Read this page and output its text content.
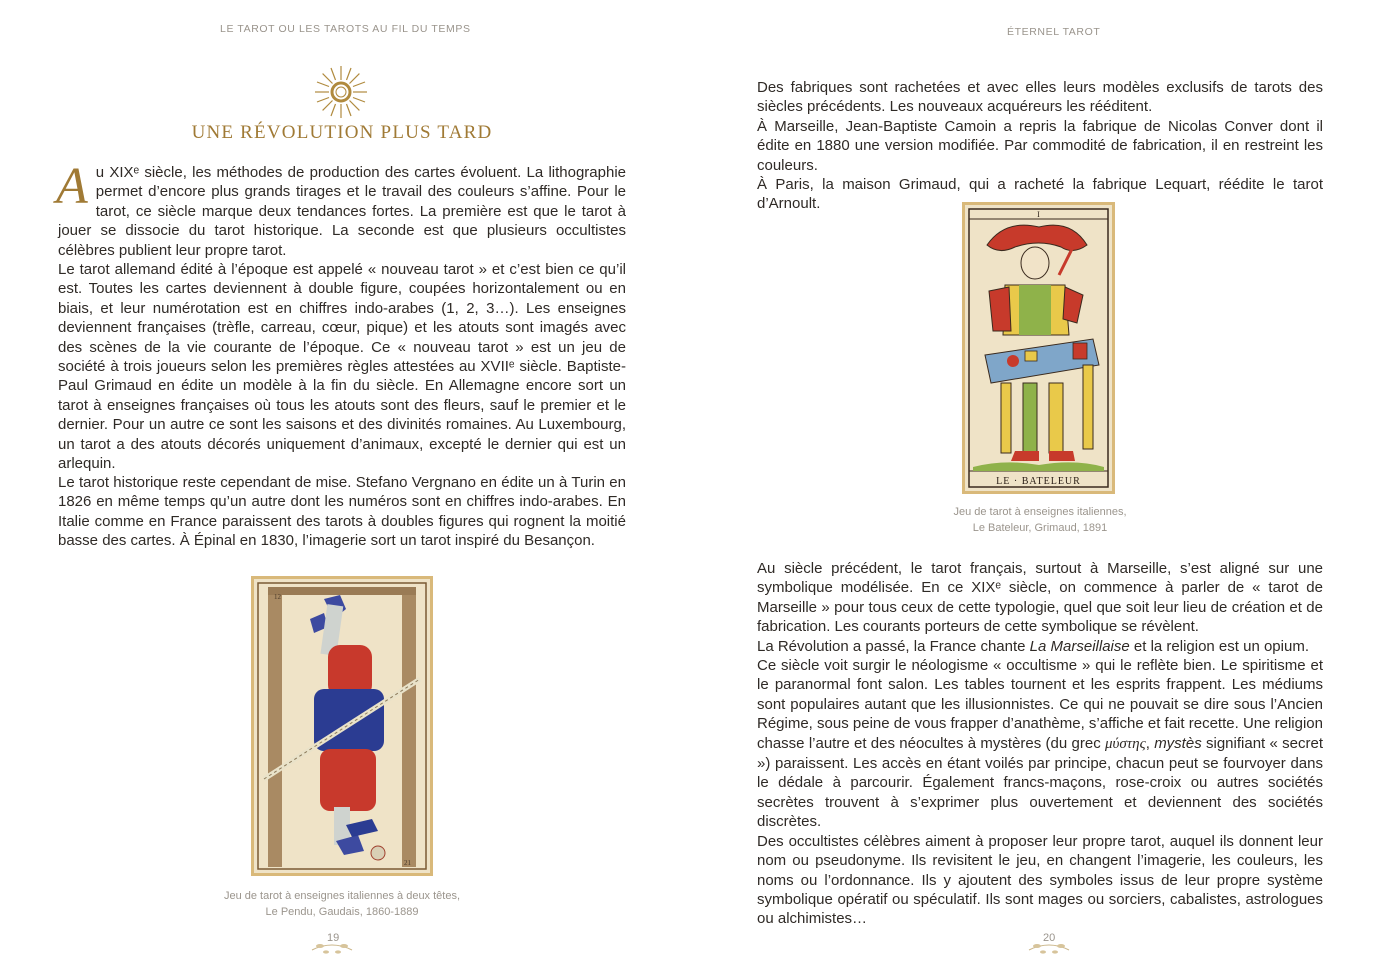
LE TAROT OU LES TAROTS AU FIL DU TEMPS
UNE RÉVOLUTION PLUS TARD
A u XIXᵉ siècle, les méthodes de production des cartes évoluent. La lithographie permet d’encore plus grands tirages et le travail des couleurs s’affine. Pour le tarot, ce siècle marque deux tendances fortes. La première est que le tarot à jouer se dissocie du tarot historique. La seconde est que plusieurs occultistes célèbres publient leur propre tarot.
Le tarot allemand édité à l’époque est appelé « nouveau tarot » et c’est bien ce qu’il est. Toutes les cartes deviennent à double figure, coupées horizontalement ou en biais, et leur numérotation est en chiffres indo-arabes (1, 2, 3…). Les enseignes deviennent françaises (trèfle, carreau, cœur, pique) et les atouts sont imagés avec des scènes de la vie courante de l’époque. Ce « nouveau tarot » est un jeu de société à trois joueurs selon les premières règles attestées au XVIIᵉ siècle. Baptiste-Paul Grimaud en édite un modèle à la fin du siècle. En Allemagne encore sort un tarot à enseignes françaises où tous les atouts sont des fleurs, sauf le premier et le dernier. Pour un autre ce sont les saisons et des divinités romaines. Au Luxembourg, un tarot a des atouts décorés uniquement d’animaux, excepté le dernier qui est un arlequin.
Le tarot historique reste cependant de mise. Stefano Vergnano en édite un à Turin en 1826 en même temps qu’un autre dont les numéros sont en chiffres indo-arabes. En Italie comme en France paraissent des tarots à doubles figures qui rognent la moitié basse des cartes. À Épinal en 1830, l’imagerie sort un tarot inspiré du Besançon.
12
21
Jeu de tarot à enseignes italiennes à deux têtes,
Le Pendu, Gaudais, 1860-1889
19
ÉTERNEL TAROT

Des fabriques sont rachetées et avec elles leurs modèles exclusifs de tarots des siècles précédents. Les nouveaux acquéreurs les rééditent.

À Marseille, Jean-Baptiste Camoin a repris la fabrique de Nicolas Conver dont il édite en 1880 une version modifiée. Par commodité de fabrication, il en restreint les couleurs.

À Paris, la maison Grimaud, qui a racheté la fabrique Lequart, réédite le tarot d’Arnoult.

I
LE · BATELEUR
Jeu de tarot à enseignes italiennes,
Le Bateleur, Grimaud, 1891

Au siècle précédent, le tarot français, surtout à Marseille, s’est aligné sur une symbolique modélisée. En ce XIXᵉ siècle, on commence à parler de « tarot de Marseille » pour tous ceux de cette typologie, quel que soit leur lieu de création et de fabrication. Les courants porteurs de cette symbolique se révèlent.

La Révolution a passé, la France chante La Marseillaise et la religion est un opium.

Ce siècle voit surgir le néologisme « occultisme » qui le reflète bien. Le spiritisme et le paranormal font salon. Les tables tournent et les esprits frappent. Les médiums sont populaires autant que les illusionnistes. Ce qui ne pouvait se dire sous l’Ancien Régime, sous peine de vous frapper d’anathème, s’affiche et fait recette. Une religion chasse l’autre et des néocultes à mystères (du grec μύστης, mystès signifiant « secret ») paraissent. Les accès en étant voilés par principe, chacun peut se fourvoyer dans le dédale à parcourir. Également francs-maçons, rose-croix ou autres sociétés secrètes trouvent à s’exprimer plus ouvertement et deviennent des sociétés discrètes.

Des occultistes célèbres aiment à proposer leur propre tarot, auquel ils donnent leur nom ou pseudonyme. Ils revisitent le jeu, en changent l’imagerie, les couleurs, les noms ou l’ordonnance. Ils y ajoutent des symboles issus de leur propre système symbolique opératif ou spéculatif. Ils sont mages ou sorciers, cabalistes, astrologues ou alchimistes…

20
